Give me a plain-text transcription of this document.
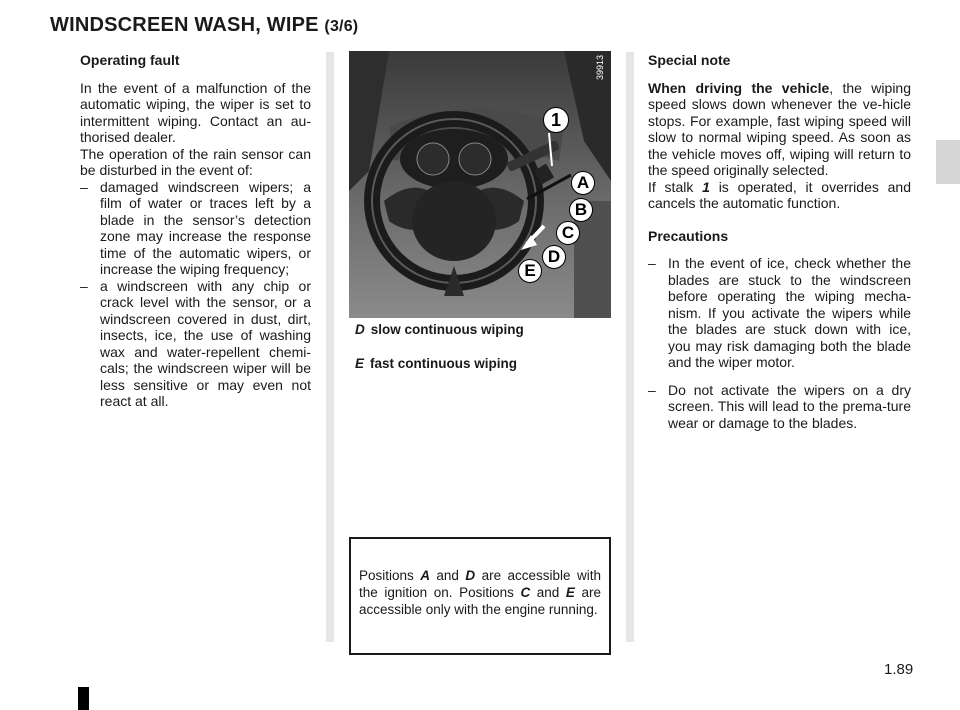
WINDSCREEN WASH, WIPE (3/6)

Operating fault

In the event of a malfunction of the automatic wiping, the wiper is set to intermittent wiping. Contact an au-thorised dealer.

The operation of the rain sensor can be disturbed in the event of:

– damaged windscreen wipers; a film of water or traces left by a blade in the sensor’s detection zone may increase the response time of the automatic wipers, or increase the wiping frequency;
– a windscreen with any chip or crack level with the sensor, or a windscreen covered in dust, dirt, insects, ice, the use of washing wax and water-repellent chemi-cals; the windscreen wiper will be less sensitive or may even not react at all.
39913
1
A
B
C
D
E
D slow continuous wiping
E fast continuous wiping
Positions A and D are accessible with the ignition on. Positions C and E are accessible only with the engine running.

Special note

When driving the vehicle, the wiping speed slows down whenever the ve-hicle stops. For example, fast wiping speed will slow to normal wiping speed. As soon as the vehicle moves off, wiping will return to the speed originally selected.

If stalk 1 is operated, it overrides and cancels the automatic function.

Precautions

– In the event of ice, check whether the blades are stuck to the windscreen before operating the wiping mecha-nism. If you activate the wipers while the blades are stuck down with ice, you may risk damaging both the blade and the wiper motor.
– Do not activate the wipers on a dry screen. This will lead to the prema-ture wear or damage to the blades.
1.89
